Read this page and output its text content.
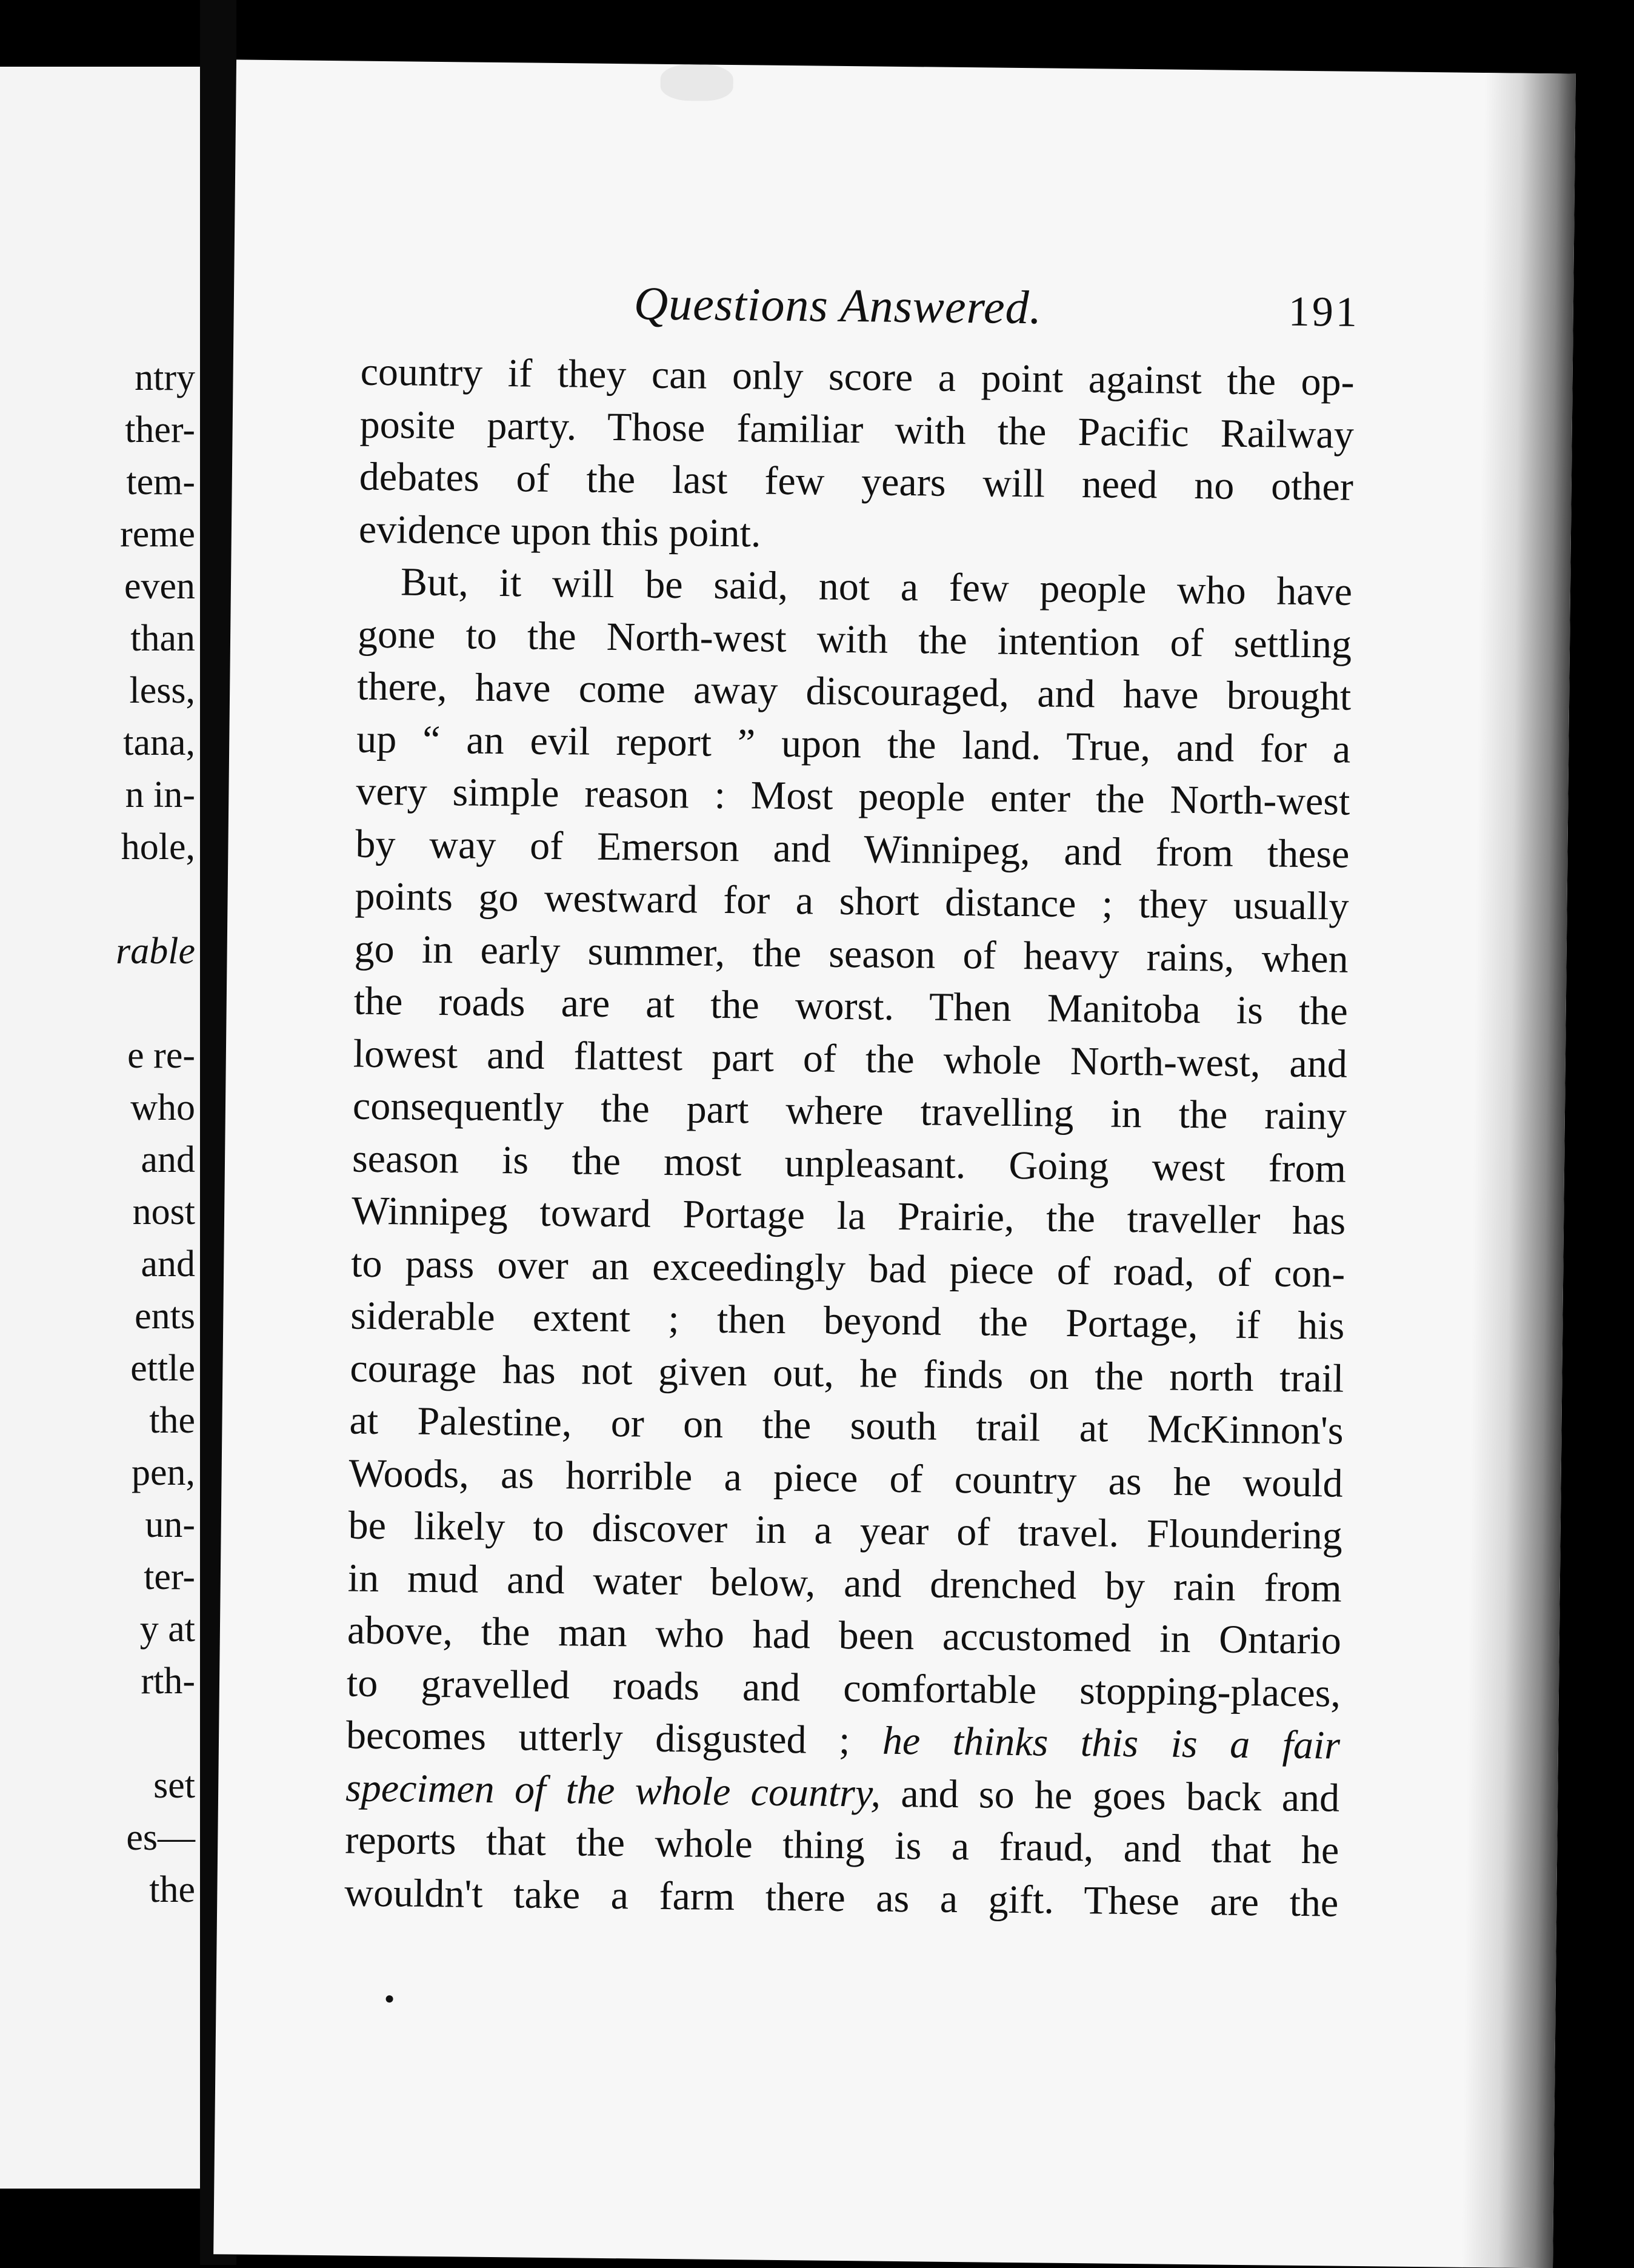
ntry
ther-
tem-
reme
even
than
less,
tana,
n in-
hole,
rable
e re-
who
and
nost
and
ents
ettle
the
pen,
un-
ter-
y at
rth-
set
es—
the
Questions Answered.	191
country if they can only score a point against the op-
posite party. Those familiar with the Pacific Railway
debates of the last few years will need no other
evidence upon this point.
But, it will be said, not a few people who have
gone to the North-west with the intention of settling
there, have come away discouraged, and have brought
up “ an evil report ” upon the land. True, and for a
very simple reason : Most people enter the North-west
by way of Emerson and Winnipeg, and from these
points go westward for a short distance ; they usually
go in early summer, the season of heavy rains, when
the roads are at the worst. Then Manitoba is the
lowest and flattest part of the whole North-west, and
consequently the part where travelling in the rainy
season is the most unpleasant. Going west from
Winnipeg toward Portage la Prairie, the traveller has
to pass over an exceedingly bad piece of road, of con-
siderable extent ; then beyond the Portage, if his
courage has not given out, he finds on the north trail
at Palestine, or on the south trail at McKinnon's
Woods, as horrible a piece of country as he would
be likely to discover in a year of travel. Floundering
in mud and water below, and drenched by rain from
above, the man who had been accustomed in Ontario
to gravelled roads and comfortable stopping-places,
becomes utterly disgusted ; he thinks this is a fair
specimen of the whole country, and so he goes back and
reports that the whole thing is a fraud, and that he
wouldn't take a farm there as a gift. These are the
